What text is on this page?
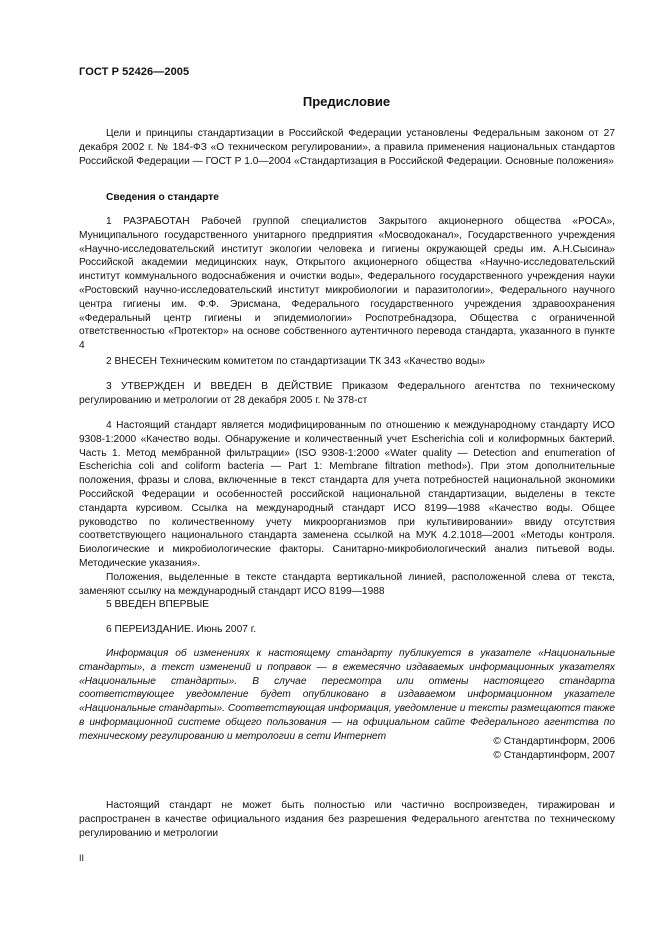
ГОСТ Р 52426—2005
Предисловие

Цели и принципы стандартизации в Российской Федерации установлены Федеральным законом от 27 декабря 2002 г. № 184-ФЗ «О техническом регулировании», а правила применения национальных стандартов Российской Федерации — ГОСТ Р 1.0—2004 «Стандартизация в Российской Федерации. Основные положения»

Сведения о стандарте

1 РАЗРАБОТАН Рабочей группой специалистов Закрытого акционерного общества «РОСА», Муниципального государственного унитарного предприятия «Мосводоканал», Государственного учреждения «Научно-исследовательский институт экологии человека и гигиены окружающей среды им. А.Н.Сысина» Российской академии медицинских наук, Открытого акционерного общества «Научно-исследовательский институт коммунального водоснабжения и очистки воды», Федерального государственного учреждения науки «Ростовский научно-исследовательский институт микробиологии и паразитологии», Федерального научного центра гигиены им. Ф.Ф. Эрисмана, Федерального государственного учреждения здравоохранения «Федеральный центр гигиены и эпидемиологии» Роспотребнадзора, Общества с ограниченной ответственностью «Протектор» на основе собственного аутентичного перевода стандарта, указанного в пункте 4

2 ВНЕСЕН Техническим комитетом по стандартизации ТК 343 «Качество воды»

3 УТВЕРЖДЕН И ВВЕДЕН В ДЕЙСТВИЕ Приказом Федерального агентства по техническому регулированию и метрологии от 28 декабря 2005 г. № 378-ст

4 Настоящий стандарт является модифицированным по отношению к международному стандарту ИСО 9308-1:2000 «Качество воды. Обнаружение и количественный учет Escherichia coli и колиформных бактерий. Часть 1. Метод мембранной фильтрации» (ISO 9308-1:2000 «Water quality — Detection and enumeration of Escherichia coli and coliform bacteria — Part 1: Membrane filtration method»). При этом дополнительные положения, фразы и слова, включенные в текст стандарта для учета потребностей национальной экономики Российской Федерации и особенностей российской национальной стандартизации, выделены в тексте стандарта курсивом. Ссылка на международный стандарт ИСО 8199—1988 «Качество воды. Общее руководство по количественному учету микроорганизмов при культивировании» ввиду отсутствия соответствующего национального стандарта заменена ссылкой на МУК 4.2.1018—2001 «Методы контроля. Биологические и микробиологические факторы. Санитарно-микробиологический анализ питьевой воды. Методические указания».

Положения, выделенные в тексте стандарта вертикальной линией, расположенной слева от текста, заменяют ссылку на международный стандарт ИСО 8199—1988

5 ВВЕДЕН ВПЕРВЫЕ

6 ПЕРЕИЗДАНИЕ. Июнь 2007 г.

Информация об изменениях к настоящему стандарту публикуется в указателе «Национальные стандарты», а текст изменений и поправок — в ежемесячно издаваемых информационных указателях «Национальные стандарты». В случае пересмотра или отмены настоящего стандарта соответствующее уведомление будет опубликовано в издаваемом информационном указателе «Национальные стандарты». Соответствующая информация, уведомление и тексты размещаются также в информационной системе общего пользования — на официальном сайте Федерального агентства по техническому регулированию и метрологии в сети Интернет	© Стандартинформ, 2006
© Стандартинформ, 2007

Настоящий стандарт не может быть полностью или частично воспроизведен, тиражирован и распространен в качестве официального издания без разрешения Федерального агентства по техническому регулированию и метрологии

II
